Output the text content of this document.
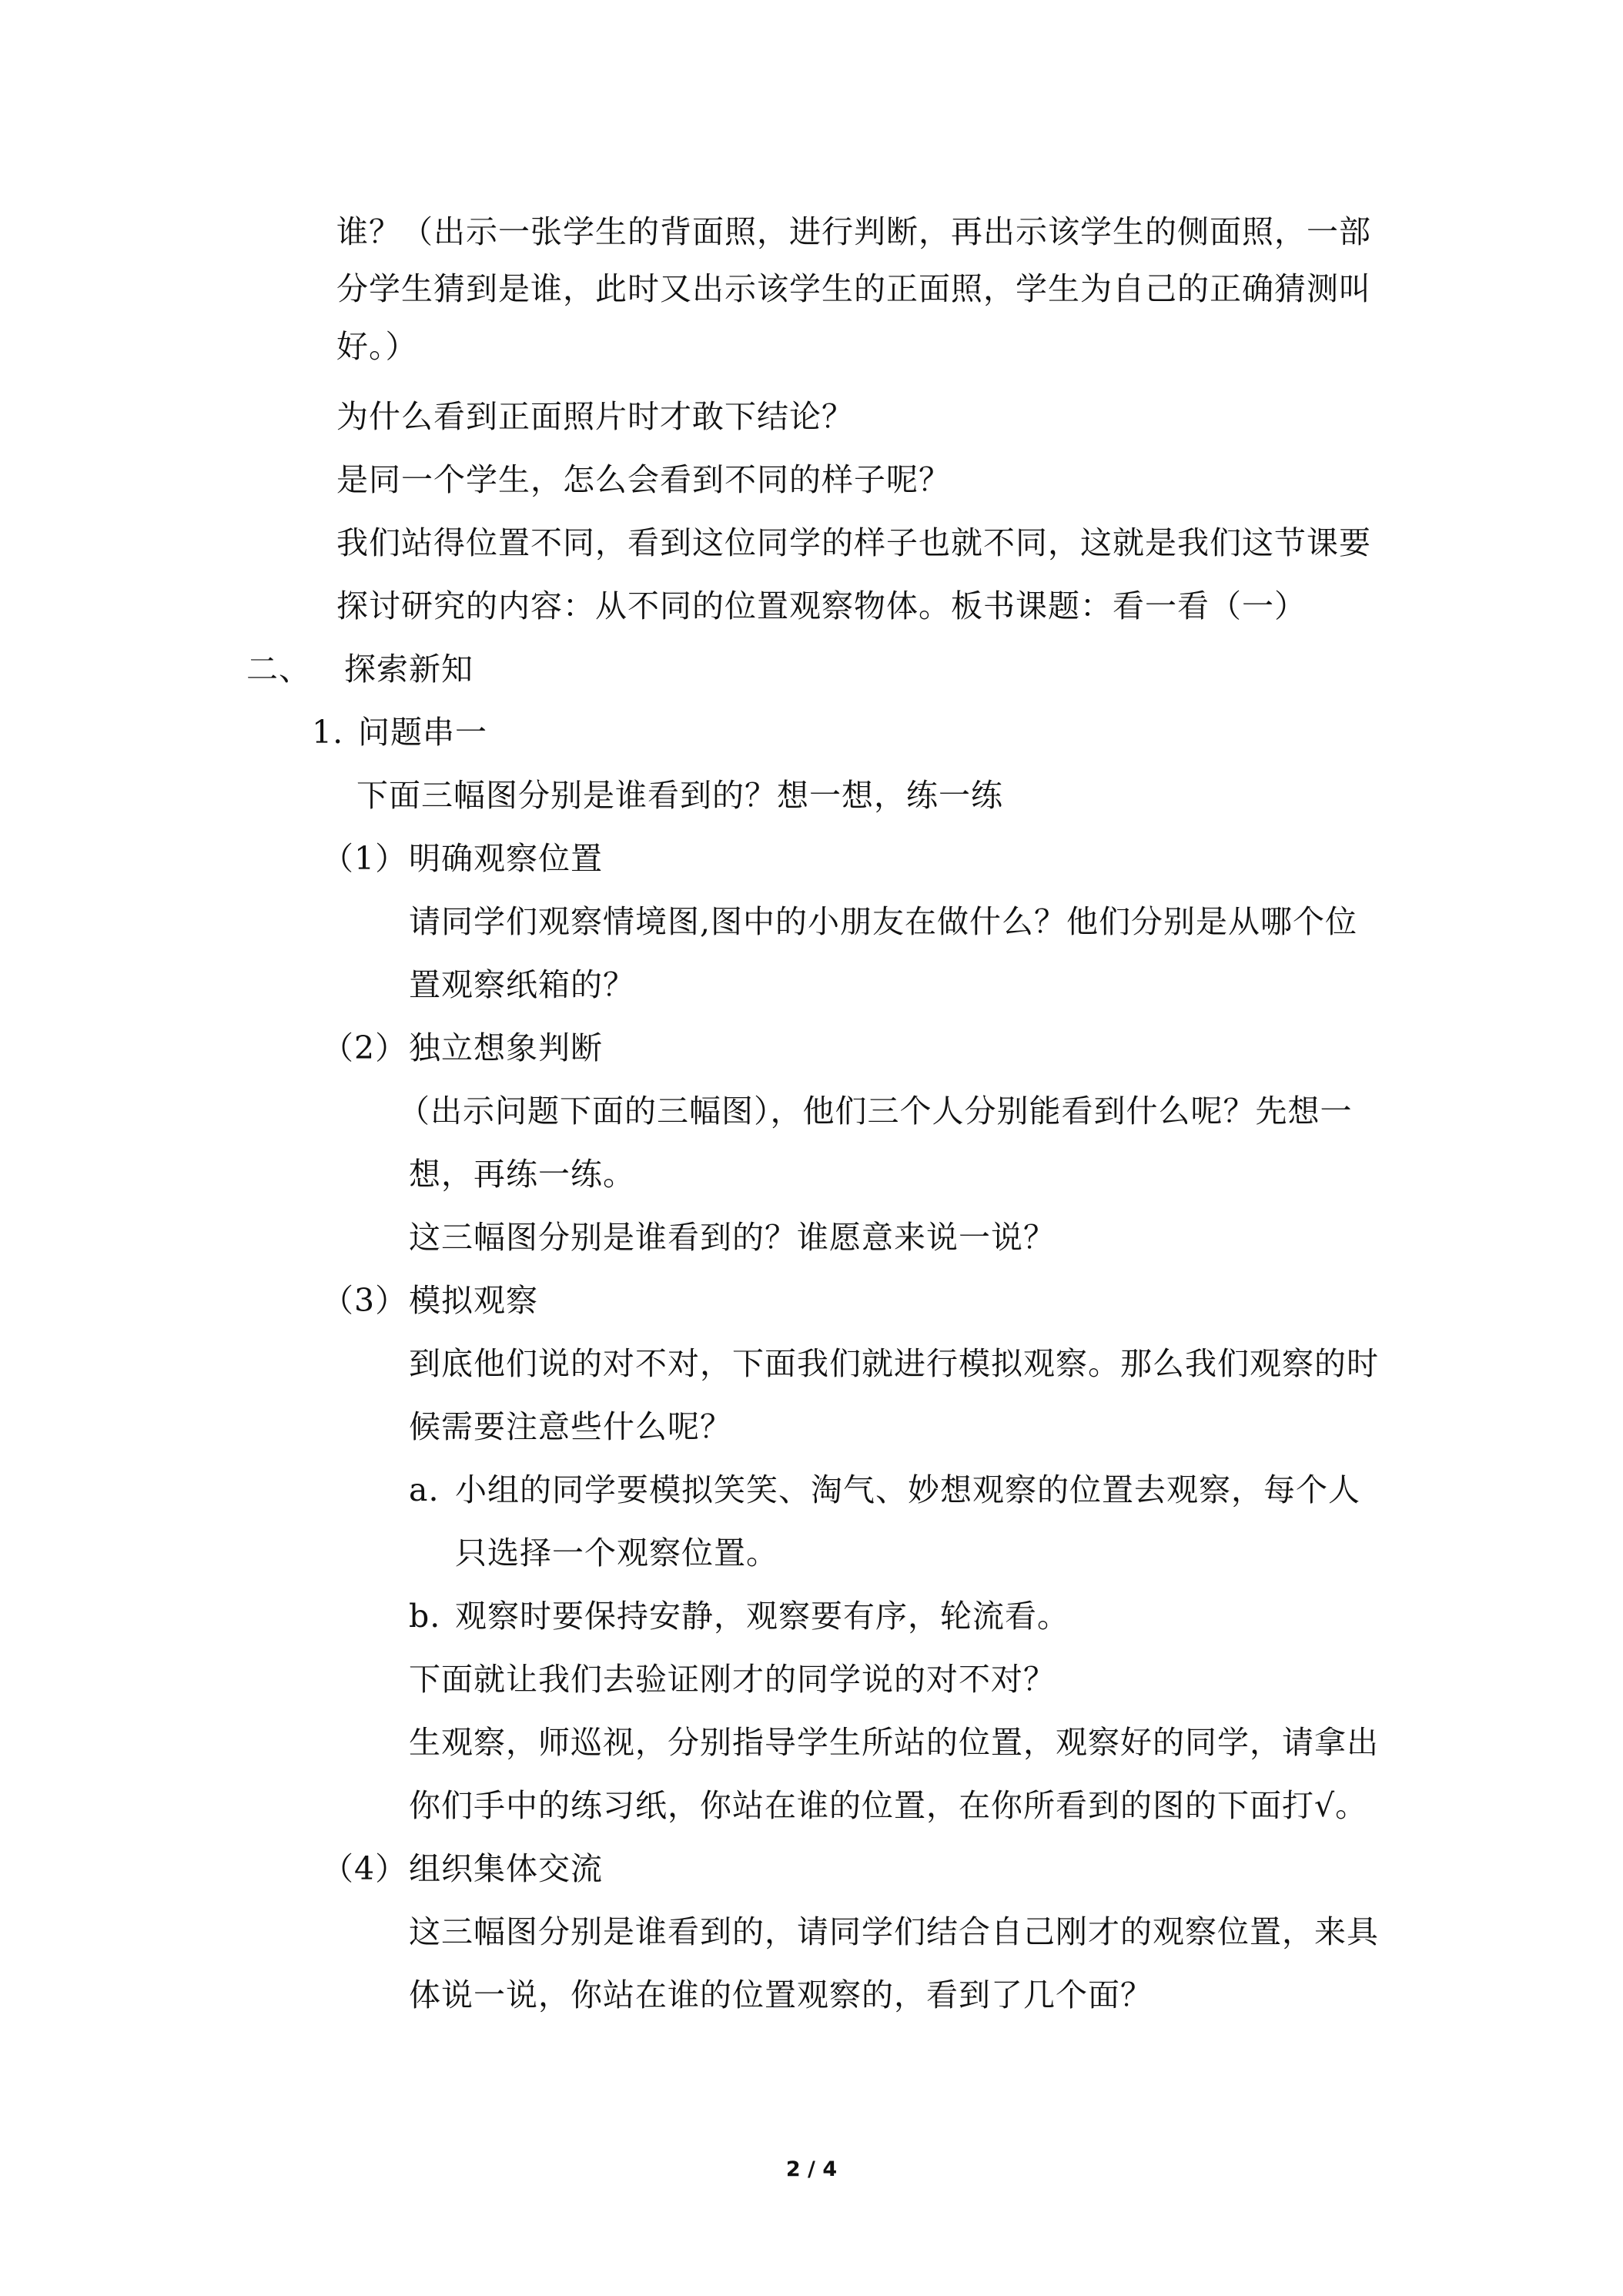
谁？（出示一张学生的背面照，进行判断，再出示该学生的侧面照，一部

分学生猜到是谁，此时又出示该学生的正面照，学生为自己的正确猜测叫

好。）

为什么看到正面照片时才敢下结论？

是同一个学生，怎么会看到不同的样子呢？

我们站得位置不同，看到这位同学的样子也就不同，这就是我们这节课要

探讨研究的内容：从不同的位置观察物体。板书课题：看一看（一）

二、 探索新知

1. 问题串一

下面三幅图分别是谁看到的？想一想，练一练

（1） 明确观察位置

请同学们观察情境图,图中的小朋友在做什么？他们分别是从哪个位

置观察纸箱的？

（2） 独立想象判断

（出示问题下面的三幅图），他们三个人分别能看到什么呢？先想一

想，再练一练。

这三幅图分别是谁看到的？谁愿意来说一说？

（3） 模拟观察

到底他们说的对不对，下面我们就进行模拟观察。那么我们观察的时

候需要注意些什么呢？

a. 小组的同学要模拟笑笑、淘气、妙想观察的位置去观察，每个人

只选择一个观察位置。

b. 观察时要保持安静，观察要有序，轮流看。

下面就让我们去验证刚才的同学说的对不对？

生观察，师巡视，分别指导学生所站的位置，观察好的同学，请拿出

你们手中的练习纸，你站在谁的位置，在你所看到的图的下面打√。

（4） 组织集体交流

这三幅图分别是谁看到的，请同学们结合自己刚才的观察位置，来具

体说一说，你站在谁的位置观察的，看到了几个面？

2 / 4
